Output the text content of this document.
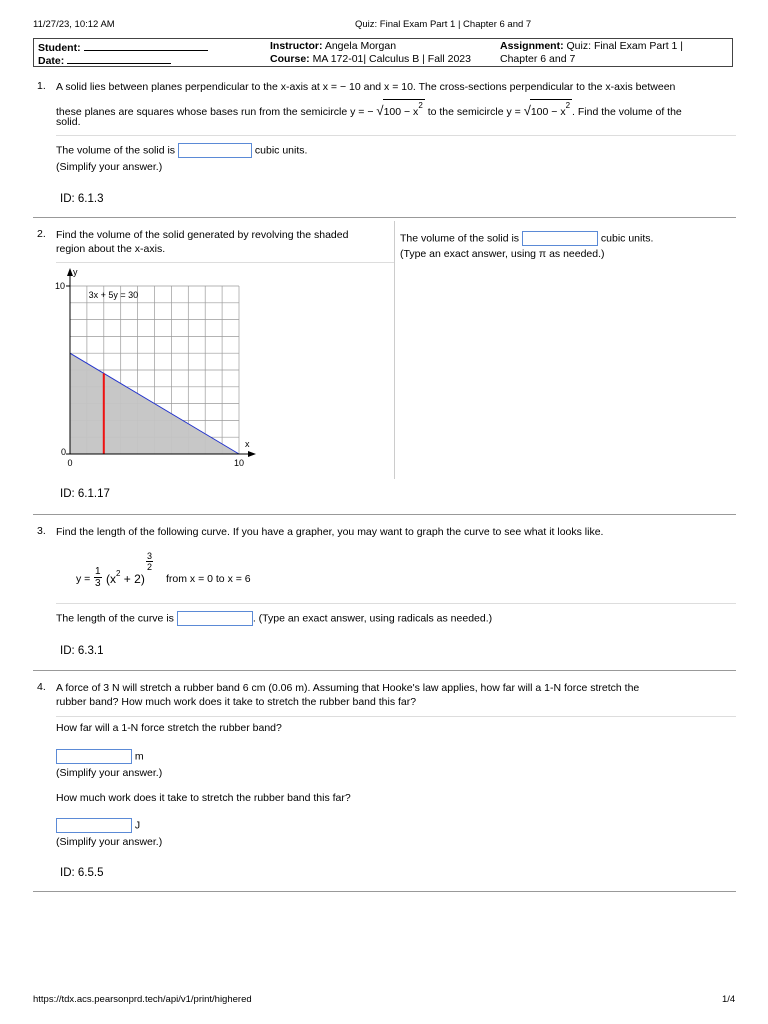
11/27/23, 10:12 AM	Quiz: Final Exam Part 1 | Chapter 6 and 7
Student:
Date:
Instructor: Angela Morgan
Course: MA 172-01| Calculus B | Fall 2023
Assignment: Quiz: Final Exam Part 1 |
Chapter 6 and 7
1. A solid lies between planes perpendicular to the x-axis at x = − 10 and x = 10. The cross-sections perpendicular to the x-axis between
these planes are squares whose bases run from the semicircle y = − $√100 - x^2$ to the semicircle $y = √100 - x^2$. Find the volume of the
solid.
The volume of the solid is	cubic units.
(Simplify your answer.)
ID: 6.1.3
2. Find the volume of the solid generated by revolving the shaded
region about the x-axis.
The volume of the solid is	cubic units.
(Type an exact answer, using π as needed.)
3x + 5y = 30
x
y
0	10
0
10
ID: 6.1.17
3. Find the length of the following curve. If you have a grapher, you may want to graph the curve to see what it looks like.
$y = \frac{1}{3} (x^2 + 2)$
$\frac{3}{2}$
from x = 0 to x = 6
The length of the curve is	. (Type an exact answer, using radicals as needed.)
ID: 6.3.1
4. A force of 3 N will stretch a rubber band 6 cm (0.06 m). Assuming that Hooke's law applies, how far will a 1-N force stretch the
rubber band? How much work does it take to stretch the rubber band this far?
How far will a 1-N force stretch the rubber band?
m
(Simplify your answer.)
How much work does it take to stretch the rubber band this far?
J
(Simplify your answer.)
ID: 6.5.5
https://tdx.acs.pearsonprd.tech/api/v1/print/highered	1/4
